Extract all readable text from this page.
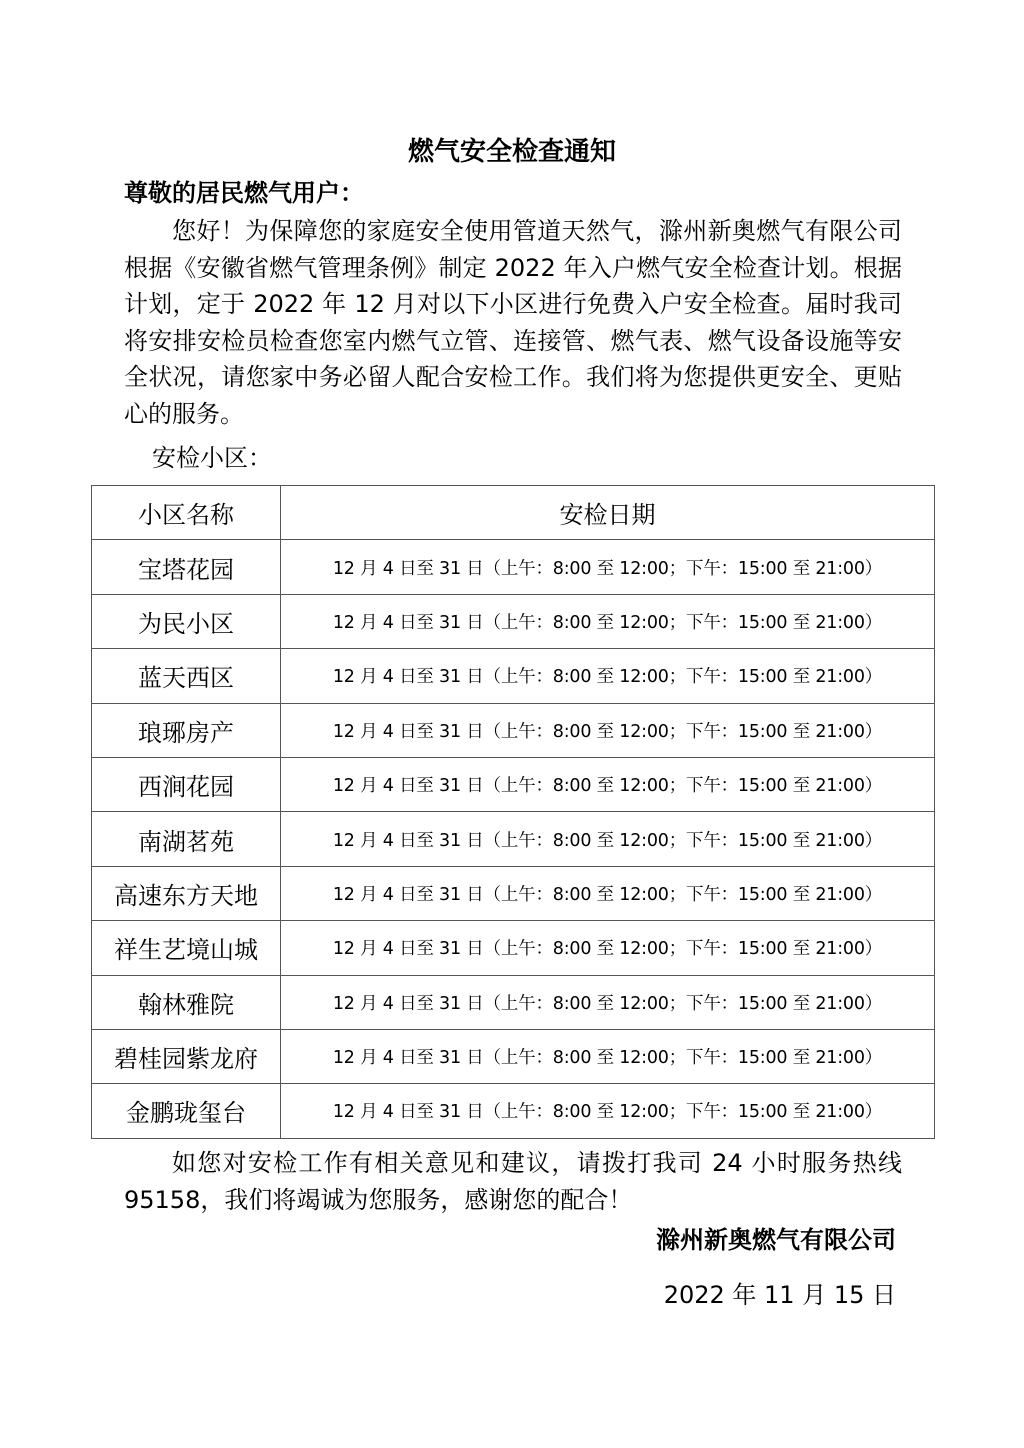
燃气安全检查通知
尊敬的居民燃气用户：

您好！为保障您的家庭安全使用管道天然气，滁州新奥燃气有限公司根据《安徽省燃气管理条例》制定 2022 年入户燃气安全检查计划。根据计划，定于 2022 年 12 月对以下小区进行免费入户安全检查。届时我司将安排安检员检查您室内燃气立管、连接管、燃气表、燃气设备设施等安全状况，请您家中务必留人配合安检工作。我们将为您提供更安全、更贴心的服务。

安检小区：
小区名称	安检日期
宝塔花园	12 月 4 日至 31 日（上午：8:00 至 12:00；下午：15:00 至 21:00）
为民小区	12 月 4 日至 31 日（上午：8:00 至 12:00；下午：15:00 至 21:00）
蓝天西区	12 月 4 日至 31 日（上午：8:00 至 12:00；下午：15:00 至 21:00）
琅琊房产	12 月 4 日至 31 日（上午：8:00 至 12:00；下午：15:00 至 21:00）
西涧花园	12 月 4 日至 31 日（上午：8:00 至 12:00；下午：15:00 至 21:00）
南湖茗苑	12 月 4 日至 31 日（上午：8:00 至 12:00；下午：15:00 至 21:00）
高速东方天地	12 月 4 日至 31 日（上午：8:00 至 12:00；下午：15:00 至 21:00）
祥生艺境山城	12 月 4 日至 31 日（上午：8:00 至 12:00；下午：15:00 至 21:00）
翰林雅院	12 月 4 日至 31 日（上午：8:00 至 12:00；下午：15:00 至 21:00）
碧桂园紫龙府	12 月 4 日至 31 日（上午：8:00 至 12:00；下午：15:00 至 21:00）
金鹏珑玺台	12 月 4 日至 31 日（上午：8:00 至 12:00；下午：15:00 至 21:00）

如您对安检工作有相关意见和建议，请拨打我司 24 小时服务热线 95158，我们将竭诚为您服务，感谢您的配合！

滁州新奥燃气有限公司
2022 年 11 月 15 日
